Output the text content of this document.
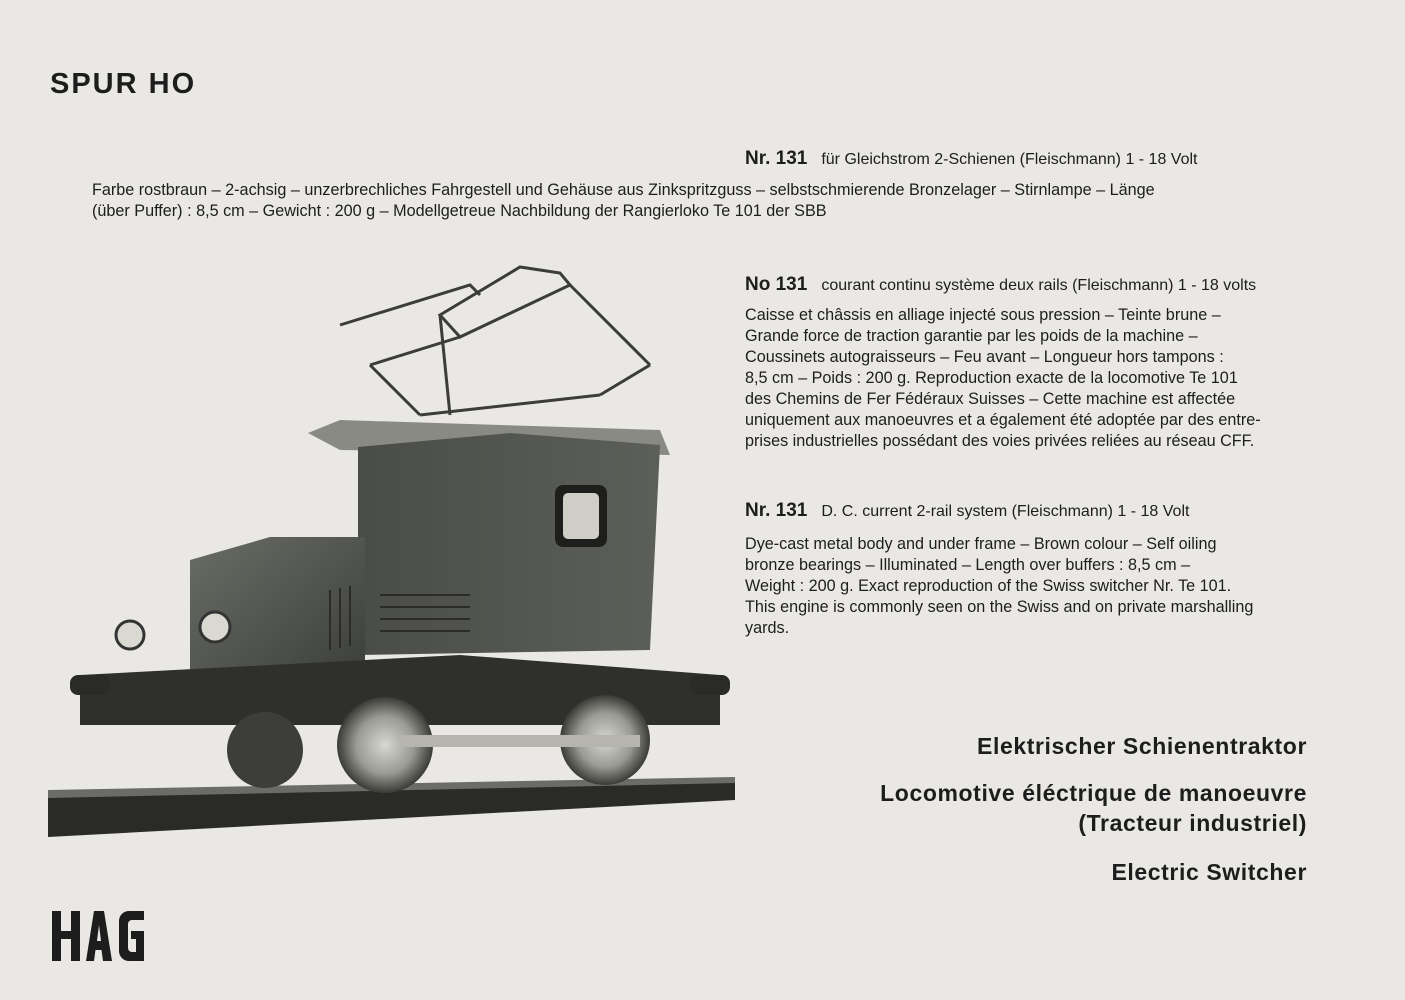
SPUR HO
Nr. 131 für Gleichstrom 2-Schienen (Fleischmann) 1 - 18 Volt
Farbe rostbraun – 2-achsig – unzerbrechliches Fahrgestell und Gehäuse aus Zinkspritzguss – selbstschmierende Bronzelager – Stirnlampe – Länge
(über Puffer) : 8,5 cm – Gewicht : 200 g – Modellgetreue Nachbildung der Rangierloko Te 101 der SBB
No 131 courant continu système deux rails (Fleischmann) 1 - 18 volts
Caisse et châssis en alliage injecté sous pression – Teinte brune –
Grande force de traction garantie par les poids de la machine –
Coussinets autograisseurs – Feu avant – Longueur hors tampons :
8,5 cm – Poids : 200 g. Reproduction exacte de la locomotive Te 101
des Chemins de Fer Fédéraux Suisses – Cette machine est affectée
uniquement aux manoeuvres et a également été adoptée par des entre-
prises industrielles possédant des voies privées reliées au réseau CFF.
Nr. 131 D. C. current 2-rail system (Fleischmann) 1 - 18 Volt
Dye-cast metal body and under frame – Brown colour – Self oiling
bronze bearings – Illuminated – Length over buffers : 8,5 cm –
Weight : 200 g. Exact reproduction of the Swiss switcher Nr. Te 101.
This engine is commonly seen on the Swiss and on private marshalling
yards.
Elektrischer Schienentraktor
Locomotive éléctrique de manoeuvre
(Tracteur industriel)
Electric Switcher
